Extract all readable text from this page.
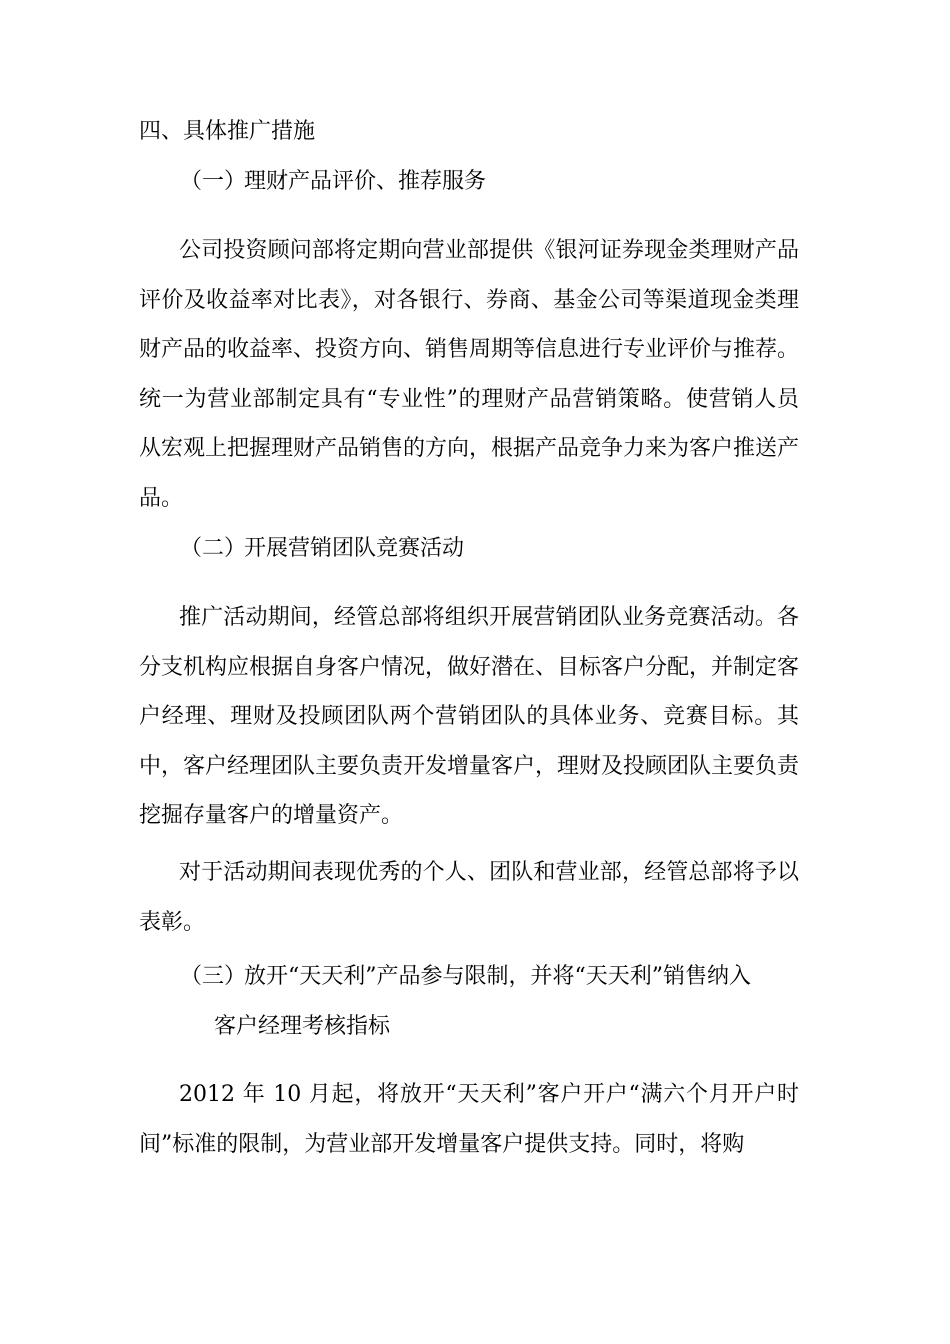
四、具体推广措施
（一）理财产品评价、推荐服务

公司投资顾问部将定期向营业部提供《银河证券现金类理财产品评价及收益率对比表》，对各银行、券商、基金公司等渠道现金类理财产品的收益率、投资方向、销售周期等信息进行专业评价与推荐。统一为营业部制定具有“专业性”的理财产品营销策略。使营销人员从宏观上把握理财产品销售的方向，根据产品竞争力来为客户推送产品。

（二）开展营销团队竞赛活动

推广活动期间，经管总部将组织开展营销团队业务竞赛活动。各分支机构应根据自身客户情况，做好潜在、目标客户分配，并制定客户经理、理财及投顾团队两个营销团队的具体业务、竞赛目标。其中，客户经理团队主要负责开发增量客户，理财及投顾团队主要负责挖掘存量客户的增量资产。

对于活动期间表现优秀的个人、团队和营业部，经管总部将予以表彰。

（三）放开“天天利”产品参与限制，并将“天天利”销售纳入
客户经理考核指标

2012 年 10 月起，将放开“天天利”客户开户“满六个月开户时间”标准的限制，为营业部开发增量客户提供支持。同时，将购
